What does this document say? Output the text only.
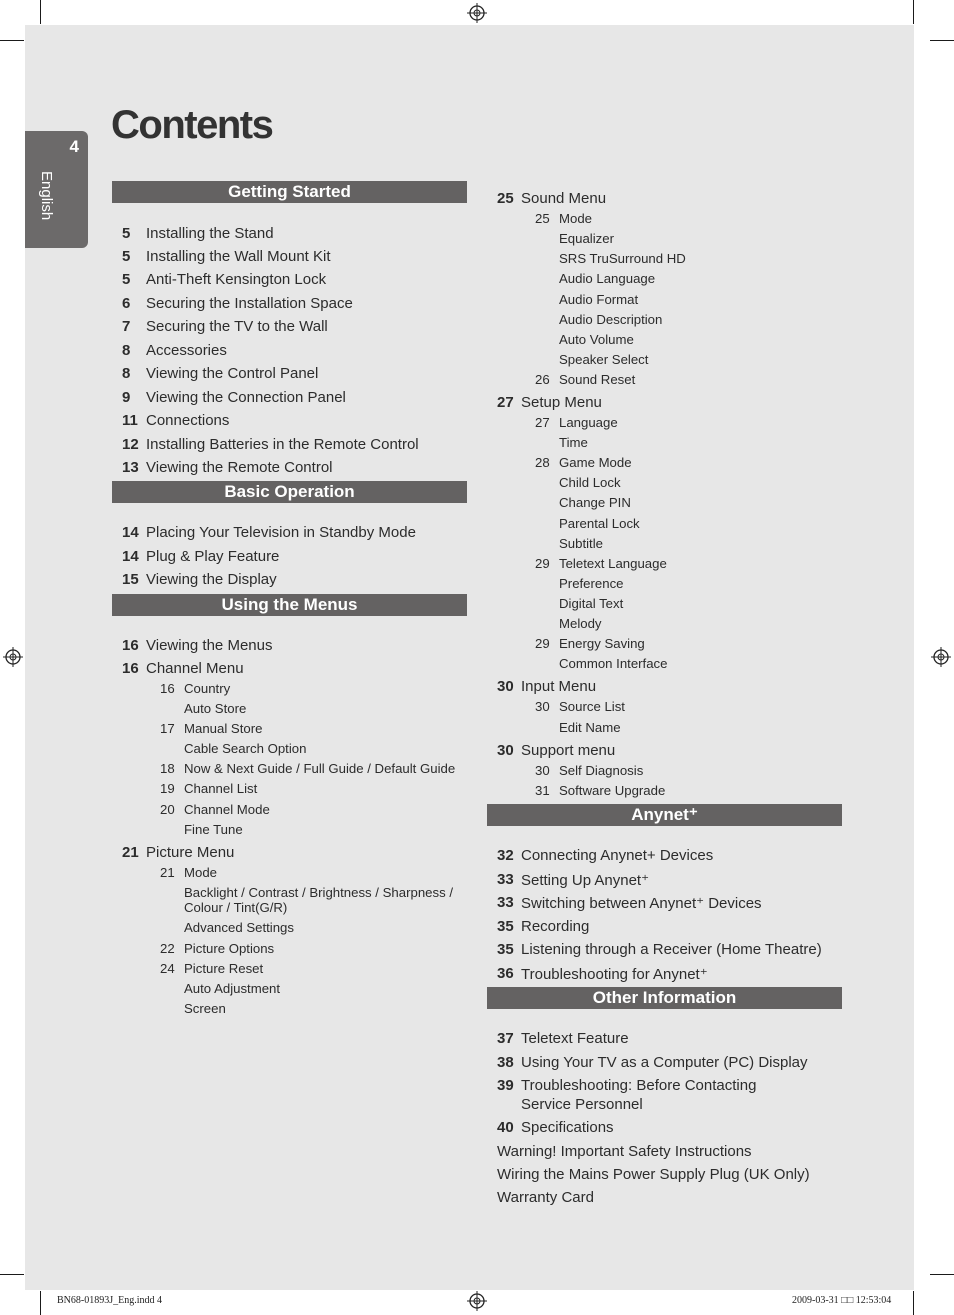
4
English
Contents
Getting Started
5 Installing the Stand
5 Installing the Wall Mount Kit
5 Anti-Theft Kensington Lock
6 Securing the Installation Space
7 Securing the TV to the Wall
8 Accessories
8 Viewing the Control Panel
9 Viewing the Connection Panel
11 Connections
12 Installing Batteries in the Remote Control
13 Viewing the Remote Control
Basic Operation
14 Placing Your Television in Standby Mode
14 Plug & Play Feature
15 Viewing the Display
Using the Menus
16 Viewing the Menus
16 Channel Menu
16 Country
Auto Store
17 Manual Store
Cable Search Option
18 Now & Next Guide / Full Guide / Default Guide
19 Channel List
20 Channel Mode
Fine Tune
21 Picture Menu
21 Mode
Backlight / Contrast / Brightness / Sharpness /
Colour / Tint(G/R)
Advanced Settings
22 Picture Options
24 Picture Reset
Auto Adjustment
Screen
25 Sound Menu
25 Mode
Equalizer
SRS TruSurround HD
Audio Language
Audio Format
Audio Description
Auto Volume
Speaker Select
26 Sound Reset
27 Setup Menu
27 Language
Time
28 Game Mode
Child Lock
Change PIN
Parental Lock
Subtitle
29 Teletext Language
Preference
Digital Text
Melody
29 Energy Saving
Common Interface
30 Input Menu
30 Source List
Edit Name
30 Support menu
30 Self Diagnosis
31 Software Upgrade
Anynet⁺
32 Connecting Anynet+ Devices
33 Setting Up Anynet⁺
33 Switching between Anynet⁺ Devices
35 Recording
35 Listening through a Receiver (Home Theatre)
36 Troubleshooting for Anynet⁺
Other Information
37 Teletext Feature
38 Using Your TV as a Computer (PC) Display
39 Troubleshooting: Before Contacting
Service Personnel
40 Specifications
Warning! Important Safety Instructions
Wiring the Mains Power Supply Plug (UK Only)
Warranty Card
BN68-01893J_Eng.indd 4	2009-03-31 □□ 12:53:04
